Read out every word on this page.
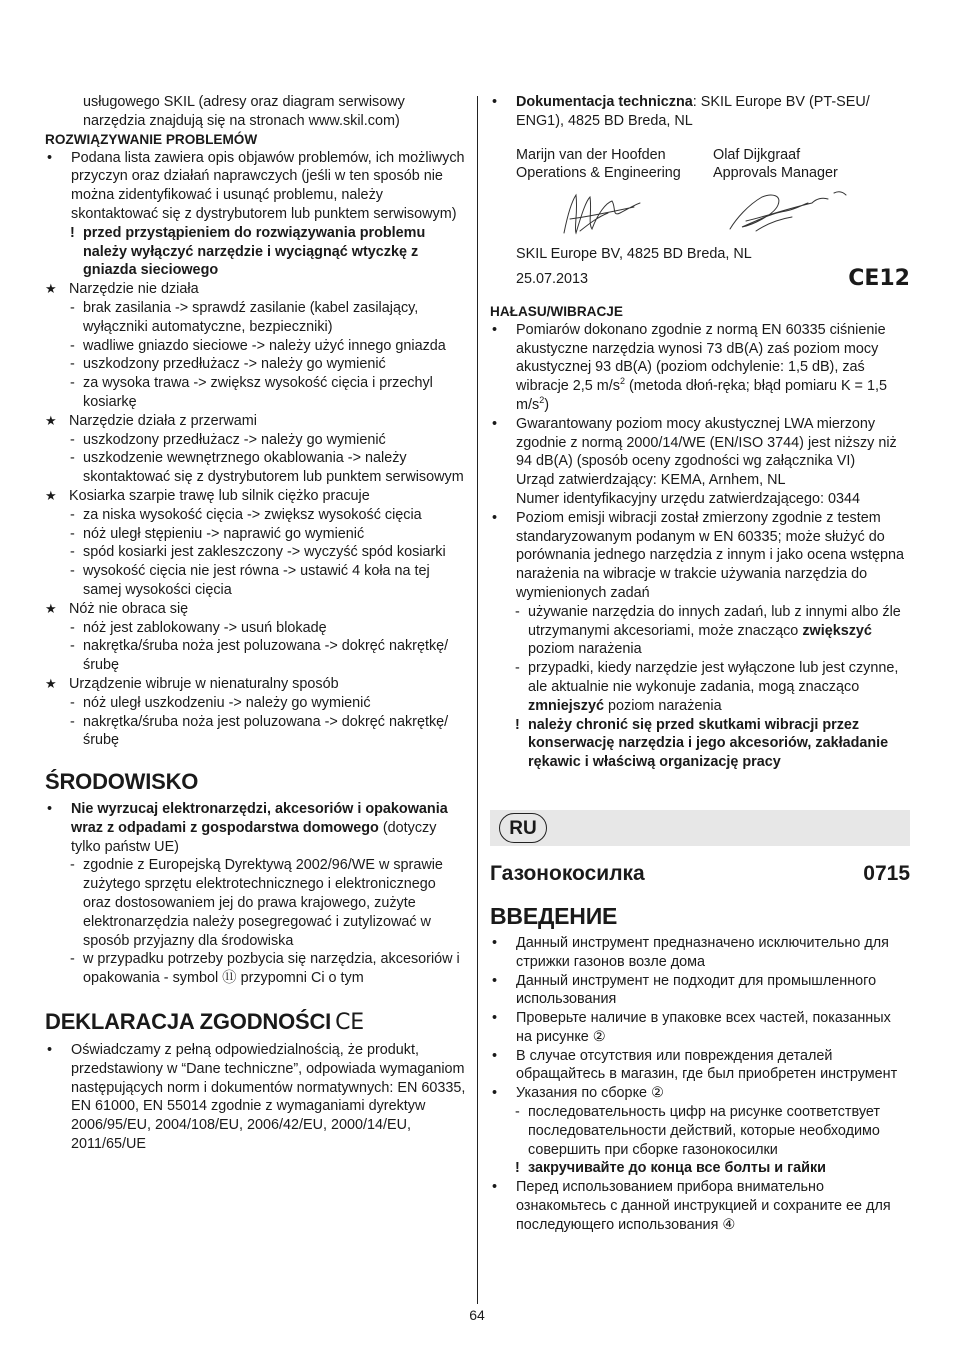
usługowego SKIL (adresy oraz diagram serwisowy narzędzia znajdują się na stronach www.skil.com)

ROZWIĄZYWANIE PROBLEMÓW

• Podana lista zawiera opis objawów problemów, ich możliwych przyczyn oraz działań naprawczych (jeśli w ten sposób nie można zidentyfikować i usunąć problemu, należy skontaktować się z dystrybutorem lub punktem serwisowym)

! przed przystąpieniem do rozwiązywania problemu należy wyłączyć narzędzie i wyciągnąć wtyczkę z gniazda sieciowego

★ Narzędzie nie działa

- brak zasilania -> sprawdź zasilanie (kabel zasilający, wyłączniki automatyczne, bezpieczniki)

- wadliwe gniazdo sieciowe -> należy użyć innego gniazda

- uszkodzony przedłużacz -> należy go wymienić

- za wysoka trawa -> zwiększ wysokość cięcia i przechyl kosiarkę

★ Narzędzie działa z przerwami

- uszkodzony przedłużacz -> należy go wymienić

- uszkodzenie wewnętrznego okablowania -> należy skontaktować się z dystrybutorem lub punktem serwisowym

★ Kosiarka szarpie trawę lub silnik ciężko pracuje

- za niska wysokość cięcia -> zwiększ wysokość cięcia

- nóż uległ stępieniu -> naprawić go wymienić

- spód kosiarki jest zakleszczony -> wyczyść spód kosiarki

- wysokość cięcia nie jest równa -> ustawić 4 koła na tej samej wysokości cięcia

★ Nóż nie obraca się

- nóż jest zablokowany -> usuń blokadę

- nakrętka/śruba noża jest poluzowana -> dokręć nakrętkę/śrubę

★ Urządzenie wibruje w nienaturalny sposób

- nóż uległ uszkodzeniu -> należy go wymienić

- nakrętka/śruba noża jest poluzowana -> dokręć nakrętkę/śrubę

ŚRODOWISKO

• Nie wyrzucaj elektronarzędzi, akcesoriów i opakowania wraz z odpadami z gospodarstwa domowego (dotyczy tylko państw UE)

- zgodnie z Europejską Dyrektywą 2002/96/WE w sprawie zużytego sprzętu elektrotechnicznego i elektronicznego oraz dostosowaniem jej do prawa krajowego, zużyte elektronarzędzia należy posegregować i zutylizować w sposób przyjazny dla środowiska

- w przypadku potrzeby pozbycia się narzędzia, akcesoriów i opakowania - symbol ⑪ przypomni Ci o tym

DEKLARACJA ZGODNOŚCI CE

• Oświadczamy z pełną odpowiedzialnością, że produkt, przedstawiony w “Dane techniczne”, odpowiada wymaganiom następujących norm i dokumentów normatywnych: EN 60335, EN 61000, EN 55014 zgodnie z wymaganiami dyrektyw 2006/95/EU, 2004/108/EU, 2006/42/EU, 2000/14/EU, 2011/65/UE

• Dokumentacja techniczna: SKIL Europe BV (PT-SEU/ ENG1), 4825 BD Breda, NL

Marijn van der Hoofden
Operations & Engineering
Olaf Dijkgraaf
Approvals Manager
SKIL Europe BV, 4825 BD Breda, NL
25.07.2013	CE12

HAŁASU/WIBRACJE

• Pomiarów dokonano zgodnie z normą EN 60335 ciśnienie akustyczne narzędzia wynosi 73 dB(A) zaś poziom mocy akustycznej 93 dB(A) (poziom odchylenie: 1,5 dB), zaś wibracje 2,5 $m/s^2$ (metoda dłoń-ręka; błąd pomiaru K = 1,5 $m/s^2$)

• Gwarantowany poziom mocy akustycznej LWA mierzony zgodnie z normą 2000/14/WE (EN/ISO 3744) jest niższy niż 94 dB(A) (sposób oceny zgodności wg załącznika VI)

Urząd zatwierdzający: KEMA, Arnhem, NL

Numer identyfikacyjny urzędu zatwierdzającego: 0344

• Poziom emisji wibracji został zmierzony zgodnie z testem standaryzowanym podanym w EN 60335; może służyć do porównania jednego narzędzia z innym i jako ocena wstępna narażenia na wibracje w trakcie używania narzędzia do wymienionych zadań

- używanie narzędzia do innych zadań, lub z innymi albo źle utrzymanymi akcesoriami, może znacząco zwiększyć poziom narażenia

- przypadki, kiedy narzędzie jest wyłączone lub jest czynne, ale aktualnie nie wykonuje zadania, mogą znacząco zmniejszyć poziom narażenia

! należy chronić się przed skutkami wibracji przez konserwację narzędzia i jego akcesoriów, zakładanie rękawic i właściwą organizację pracy

RU
Газонокосилка	0715
ВВЕДЕНИЕ

• Данный инструмент предназначено исключительно для стрижки газонов возле дома

• Данный инструмент не подходит для промышленного использования

• Проверьте наличие в упаковке всех частей, показанных на рисунке ②

• В случае отсутствия или повреждения деталей обращайтесь в магазин, где был приобретен инструмент

• Указания по сборке ②

- последовательность цифр на рисунке соответствует последовательности действий, которые необходимо совершить при сборке газонокосилки

! закручивайте до конца все болты и гайки

• Перед использованием прибора внимательно ознакомьтесь с данной инструкцией и сохраните ее для последующего использования ④

64
